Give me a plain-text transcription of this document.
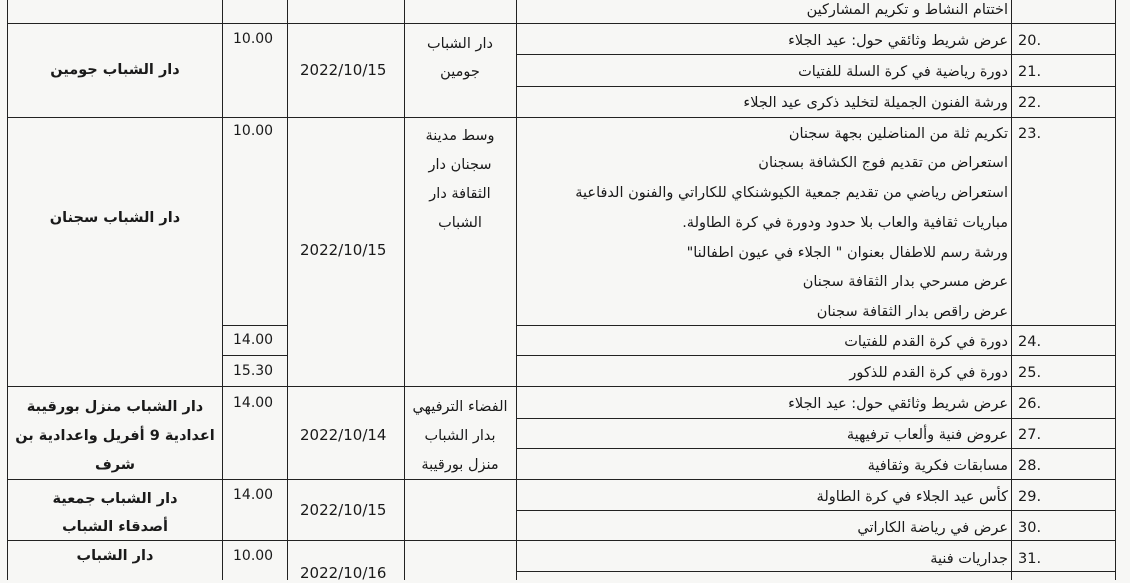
20.
21.
22.
23.
24.
25.
26.
27.
28.
29.
30.
31.
اختتام النشاط و تكريم المشاركين
عرض شريط وثائقي حول: عيد الجلاء
دورة رياضية في كرة السلة للفتيات
ورشة الفنون الجميلة لتخليد ذكرى عيد الجلاء
تكريم ثلة من المناضلين بجهة سجنان
استعراض من تقديم فوج الكشافة بسجنان
استعراض رياضي من تقديم جمعية الكيوشنكاي للكاراتي والفنون الدفاعية
مباريات ثقافية والعاب بلا حدود ودورة في كرة الطاولة.
ورشة رسم للاطفال بعنوان " الجلاء في عيون اطفالنا"
عرض مسرحي بدار الثقافة سجنان
عرض راقص بدار الثقافة سجنان
دورة في كرة القدم للفتيات
دورة في كرة القدم للذكور
عرض شريط وثائقي حول: عيد الجلاء
عروض فنية وألعاب ترفيهية
مسابقات فكرية وثقافية
كأس عيد الجلاء في كرة الطاولة
عرض في رياضة الكاراتي
جداريات فنية
دار الشباب جومين
وسط مدينة سجنان دار الثقافة دار الشباب
الفضاء الترفيهي بدار الشباب منزل بورقيبة
2022/10/15
2022/10/15
2022/10/14
2022/10/15
2022/10/16
10.00
10.00
14.00
15.30
14.00
14.00
10.00
دار الشباب جومين
دار الشباب سجنان
دار الشباب منزل بورقيبة اعدادية 9 أفريل واعدادية بن شرف
دار الشباب جمعية أصدقاء الشباب
دار الشباب
